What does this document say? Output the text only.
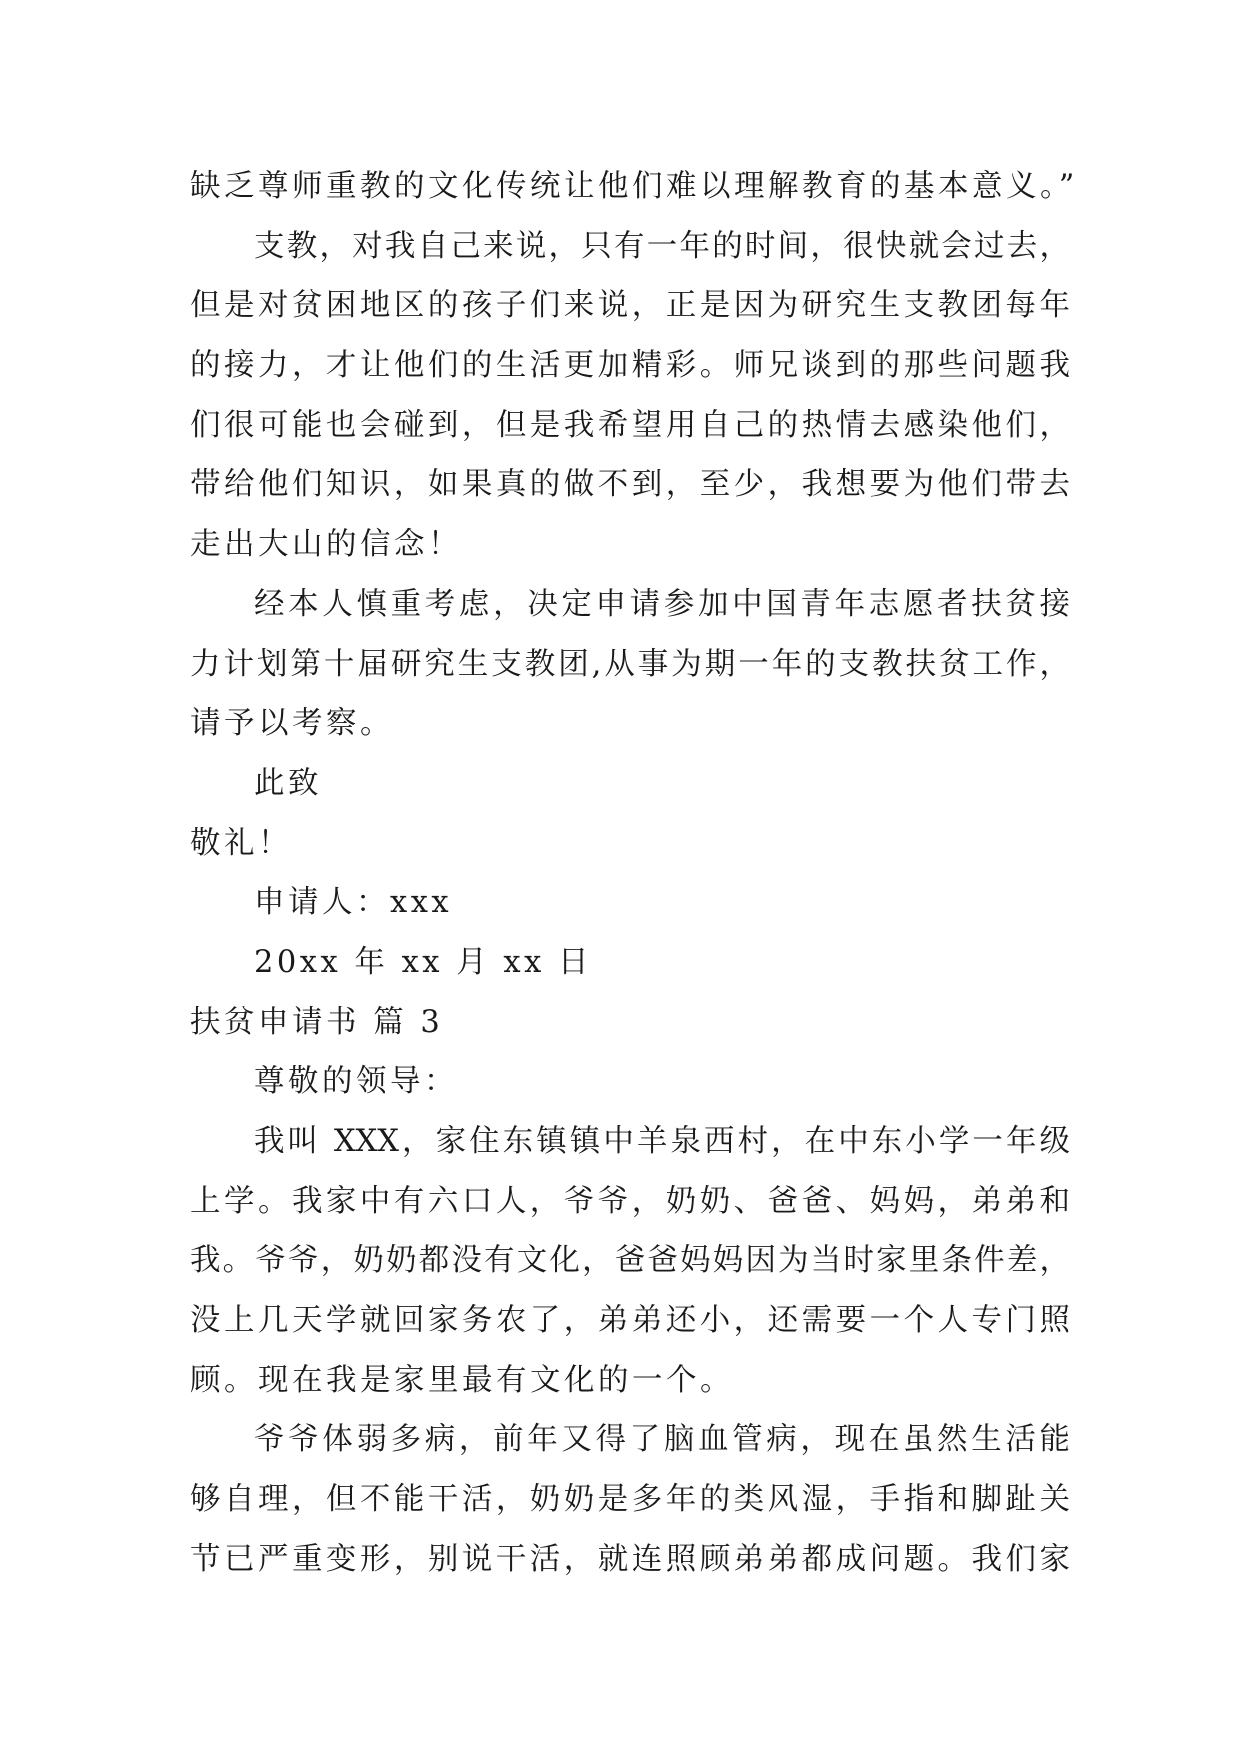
缺乏尊师重教的文化传统让他们难以理解教育的基本意义。”
支教，对我自己来说，只有一年的时间，很快就会过去，
但是对贫困地区的孩子们来说，正是因为研究生支教团每年
的接力，才让他们的生活更加精彩。师兄谈到的那些问题我
们很可能也会碰到，但是我希望用自己的热情去感染他们，
带给他们知识，如果真的做不到，至少，我想要为他们带去
走出大山的信念！
经本人慎重考虑，决定申请参加中国青年志愿者扶贫接
力计划第十届研究生支教团,从事为期一年的支教扶贫工作，
请予以考察。
此致
敬礼！
申请人：xxx
20xx 年 xx 月 xx 日
扶贫申请书 篇 3
尊敬的领导：
我叫 XXX，家住东镇镇中羊泉西村，在中东小学一年级
上学。我家中有六口人，爷爷，奶奶、爸爸、妈妈，弟弟和
我。爷爷，奶奶都没有文化，爸爸妈妈因为当时家里条件差，
没上几天学就回家务农了，弟弟还小，还需要一个人专门照
顾。现在我是家里最有文化的一个。
爷爷体弱多病，前年又得了脑血管病，现在虽然生活能
够自理，但不能干活，奶奶是多年的类风湿，手指和脚趾关
节已严重变形，别说干活，就连照顾弟弟都成问题。我们家
